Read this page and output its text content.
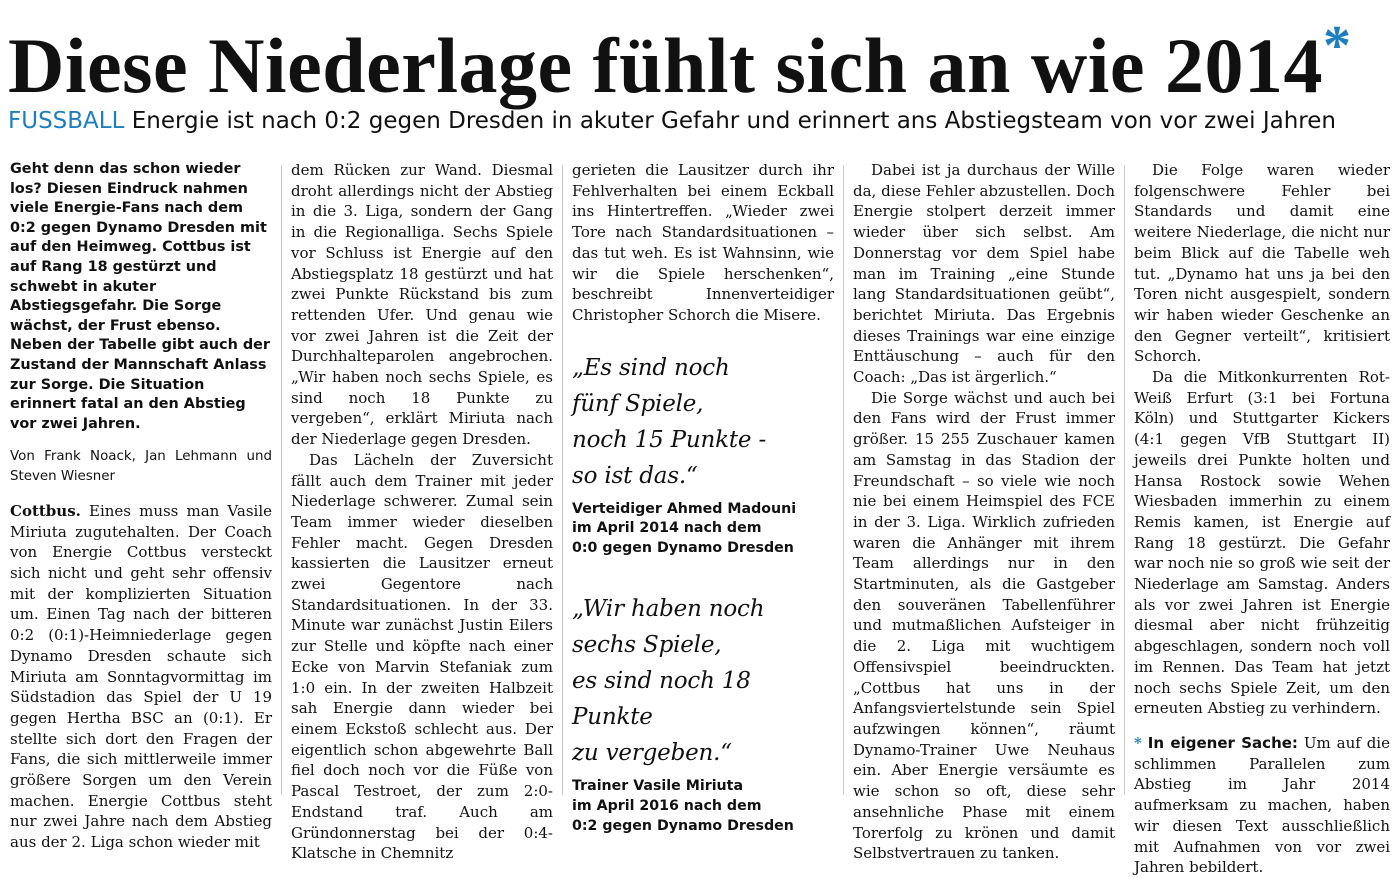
Diese Niederlage fühlt sich an wie 2014*
FUSSBALL Energie ist nach 0:2 gegen Dresden in akuter Gefahr und erinnert ans Abstiegsteam von vor zwei Jahren

Geht denn das schon wieder los? Diesen Eindruck nahmen viele Energie-Fans nach dem 0:2 gegen Dynamo Dresden mit auf den Heimweg. Cottbus ist auf Rang 18 gestürzt und schwebt in akuter Abstiegsgefahr. Die Sorge wächst, der Frust ebenso. Neben der Tabelle gibt auch der Zustand der Mannschaft Anlass zur Sorge. Die Situation erinnert fatal an den Abstieg vor zwei Jahren.

Von Frank Noack, Jan Lehmann und Steven Wiesner

Cottbus. Eines muss man Vasile Miriuta zugutehalten. Der Coach von Energie Cottbus versteckt sich nicht und geht sehr offensiv mit der komplizierten Situation um. Einen Tag nach der bitteren 0:2 (0:1)-Heimniederlage gegen Dynamo Dresden schaute sich Miriuta am Sonntagvormittag im Südstadion das Spiel der U 19 gegen Hertha BSC an (0:1). Er stellte sich dort den Fragen der Fans, die sich mittlerweile immer größere Sorgen um den Verein machen. Energie Cottbus steht nur zwei Jahre nach dem Abstieg aus der 2. Liga schon wieder mit

dem Rücken zur Wand. Diesmal droht allerdings nicht der Abstieg in die 3. Liga, sondern der Gang in die Regionalliga. Sechs Spiele vor Schluss ist Energie auf den Abstiegsplatz 18 gestürzt und hat zwei Punkte Rückstand bis zum rettenden Ufer. Und genau wie vor zwei Jahren ist die Zeit der Durchhalteparolen angebrochen. „Wir haben noch sechs Spiele, es sind noch 18 Punkte zu vergeben“, erklärt Miriuta nach der Niederlage gegen Dresden.

Das Lächeln der Zuversicht fällt auch dem Trainer mit jeder Niederlage schwerer. Zumal sein Team immer wieder dieselben Fehler macht. Gegen Dresden kassierten die Lausitzer erneut zwei Gegentore nach Standardsituationen. In der 33. Minute war zunächst Justin Eilers zur Stelle und köpfte nach einer Ecke von Marvin Stefaniak zum 1:0 ein. In der zweiten Halbzeit sah Energie dann wieder bei einem Eckstoß schlecht aus. Der eigentlich schon abgewehrte Ball fiel doch noch vor die Füße von Pascal Testroet, der zum 2:0-Endstand traf. Auch am Gründonnerstag bei der 0:4-Klatsche in Chemnitz

gerieten die Lausitzer durch ihr Fehlverhalten bei einem Eckball ins Hintertreffen. „Wieder zwei Tore nach Standardsituationen – das tut weh. Es ist Wahnsinn, wie wir die Spiele herschenken“, beschreibt Innenverteidiger Christopher Schorch die Misere.

„Es sind noch
fünf Spiele,
noch 15 Punkte -
so ist das.“
Verteidiger Ahmed Madouni
im April 2014 nach dem
0:0 gegen Dynamo Dresden
„Wir haben noch
sechs Spiele,
es sind noch 18 Punkte
zu vergeben.“
Trainer Vasile Miriuta
im April 2016 nach dem
0:2 gegen Dynamo Dresden

Dabei ist ja durchaus der Wille da, diese Fehler abzustellen. Doch Energie stolpert derzeit immer wieder über sich selbst. Am Donnerstag vor dem Spiel habe man im Training „eine Stunde lang Standardsituationen geübt“, berichtet Miriuta. Das Ergebnis dieses Trainings war eine einzige Enttäuschung – auch für den Coach: „Das ist ärgerlich.“

Die Sorge wächst und auch bei den Fans wird der Frust immer größer. 15 255 Zuschauer kamen am Samstag in das Stadion der Freundschaft – so viele wie noch nie bei einem Heimspiel des FCE in der 3. Liga. Wirklich zufrieden waren die Anhänger mit ihrem Team allerdings nur in den Startminuten, als die Gastgeber den souveränen Tabellenführer und mutmaßlichen Aufsteiger in die 2. Liga mit wuchtigem Offensivspiel beeindruckten. „Cottbus hat uns in der Anfangsviertelstunde sein Spiel aufzwingen können“, räumt Dynamo-Trainer Uwe Neuhaus ein. Aber Energie versäumte es wie schon so oft, diese sehr ansehnliche Phase mit einem Torerfolg zu krönen und damit Selbstvertrauen zu tanken.

Die Folge waren wieder folgenschwere Fehler bei Standards und damit eine weitere Niederlage, die nicht nur beim Blick auf die Tabelle weh tut. „Dynamo hat uns ja bei den Toren nicht ausgespielt, sondern wir haben wieder Geschenke an den Gegner verteilt“, kritisiert Schorch.

Da die Mitkonkurrenten Rot-Weiß Erfurt (3:1 bei Fortuna Köln) und Stuttgarter Kickers (4:1 gegen VfB Stuttgart II) jeweils drei Punkte holten und Hansa Rostock sowie Wehen Wiesbaden immerhin zu einem Remis kamen, ist Energie auf Rang 18 gestürzt. Die Gefahr war noch nie so groß wie seit der Niederlage am Samstag. Anders als vor zwei Jahren ist Energie diesmal aber nicht frühzeitig abgeschlagen, sondern noch voll im Rennen. Das Team hat jetzt noch sechs Spiele Zeit, um den erneuten Abstieg zu verhindern.

* In eigener Sache: Um auf die schlimmen Parallelen zum Abstieg im Jahr 2014 aufmerksam zu machen, haben wir diesen Text ausschließlich mit Aufnahmen von vor zwei Jahren bebildert.
